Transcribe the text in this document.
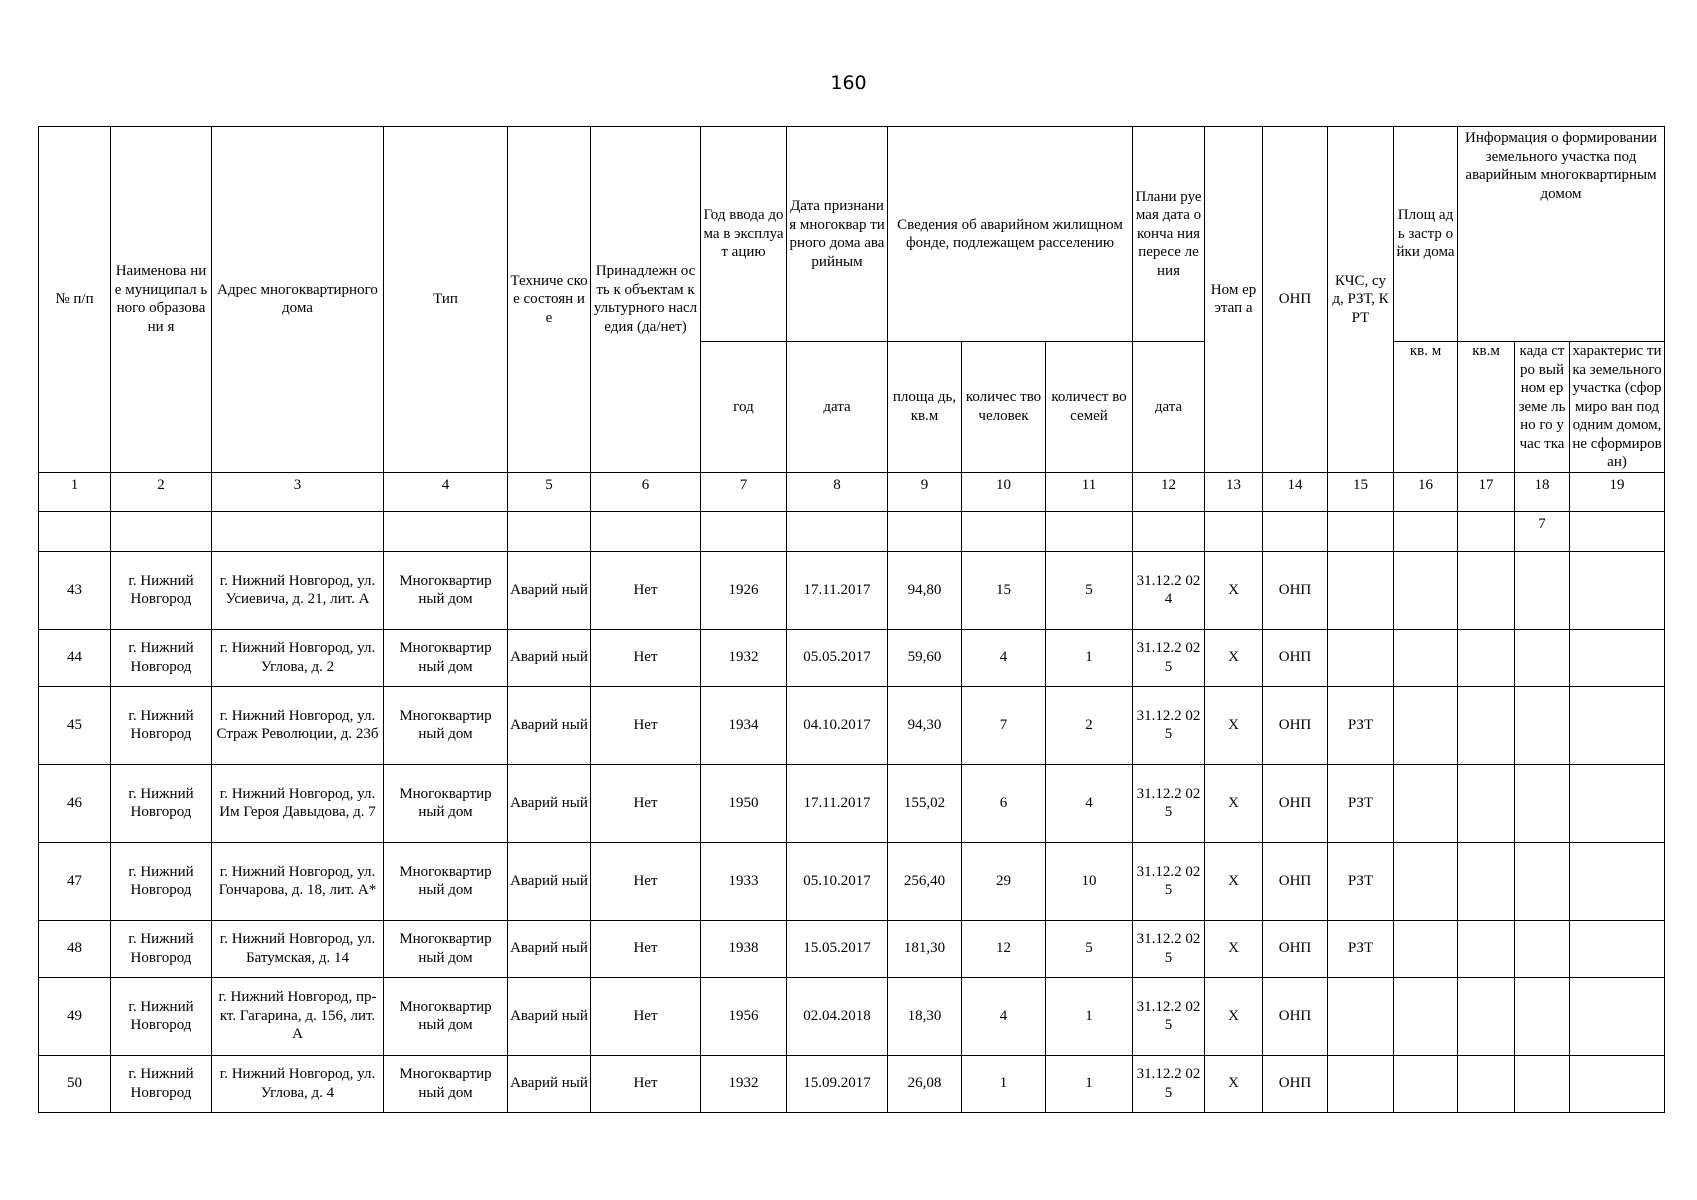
160
№ п/п	Наименова ние муниципал ьного образовани я	Адрес многоквартирного дома	Тип	Техниче ское состоян ие	Принадлежн ость к объектам культурного наследия (да/нет)	Год ввода дома в эксплуат ацию	Дата признания многоквар тирного дома аварийным	Сведения об аварийном жилищном фонде, подлежащем расселению			Плани руемая дата оконча ния пересе ления	Ном ер этап а	ОНП	КЧС, суд, РЗТ, КРТ	Площ адь застр ойки дома	Информация о формировании земельного участка под аварийным многоквартирным домом		
						год	дата	площа дь, кв.м	количес тво человек	количест во семей	дата				кв. м	кв.м	када стро вый ном ер земе льно го учас тка	характерис тика земельного участка (сформиро ван под одним домом, не сформиров ан)
1	2	3	4	5	6	7	8	9	10	11	12	13	14	15	16	17	18	19
																	7	
43	г. Нижний Новгород	г. Нижний Новгород, ул. Усиевича, д. 21, лит. А	Многоквартир ный дом	Аварий ный	Нет	1926	17.11.2017	94,80	15	5	31.12.2 024	Х	ОНП					
44	г. Нижний Новгород	г. Нижний Новгород, ул. Углова, д. 2	Многоквартир ный дом	Аварий ный	Нет	1932	05.05.2017	59,60	4	1	31.12.2 025	Х	ОНП					
45	г. Нижний Новгород	г. Нижний Новгород, ул. Страж Революции, д. 23б	Многоквартир ный дом	Аварий ный	Нет	1934	04.10.2017	94,30	7	2	31.12.2 025	Х	ОНП	РЗТ				
46	г. Нижний Новгород	г. Нижний Новгород, ул. Им Героя Давыдова, д. 7	Многоквартир ный дом	Аварий ный	Нет	1950	17.11.2017	155,02	6	4	31.12.2 025	Х	ОНП	РЗТ				
47	г. Нижний Новгород	г. Нижний Новгород, ул. Гончарова, д. 18, лит. А*	Многоквартир ный дом	Аварий ный	Нет	1933	05.10.2017	256,40	29	10	31.12.2 025	Х	ОНП	РЗТ				
48	г. Нижний Новгород	г. Нижний Новгород, ул. Батумская, д. 14	Многоквартир ный дом	Аварий ный	Нет	1938	15.05.2017	181,30	12	5	31.12.2 025	Х	ОНП	РЗТ				
49	г. Нижний Новгород	г. Нижний Новгород, пр-кт. Гагарина, д. 156, лит. А	Многоквартир ный дом	Аварий ный	Нет	1956	02.04.2018	18,30	4	1	31.12.2 025	Х	ОНП					
50	г. Нижний Новгород	г. Нижний Новгород, ул. Углова, д. 4	Многоквартир ный дом	Аварий ный	Нет	1932	15.09.2017	26,08	1	1	31.12.2 025	Х	ОНП					
